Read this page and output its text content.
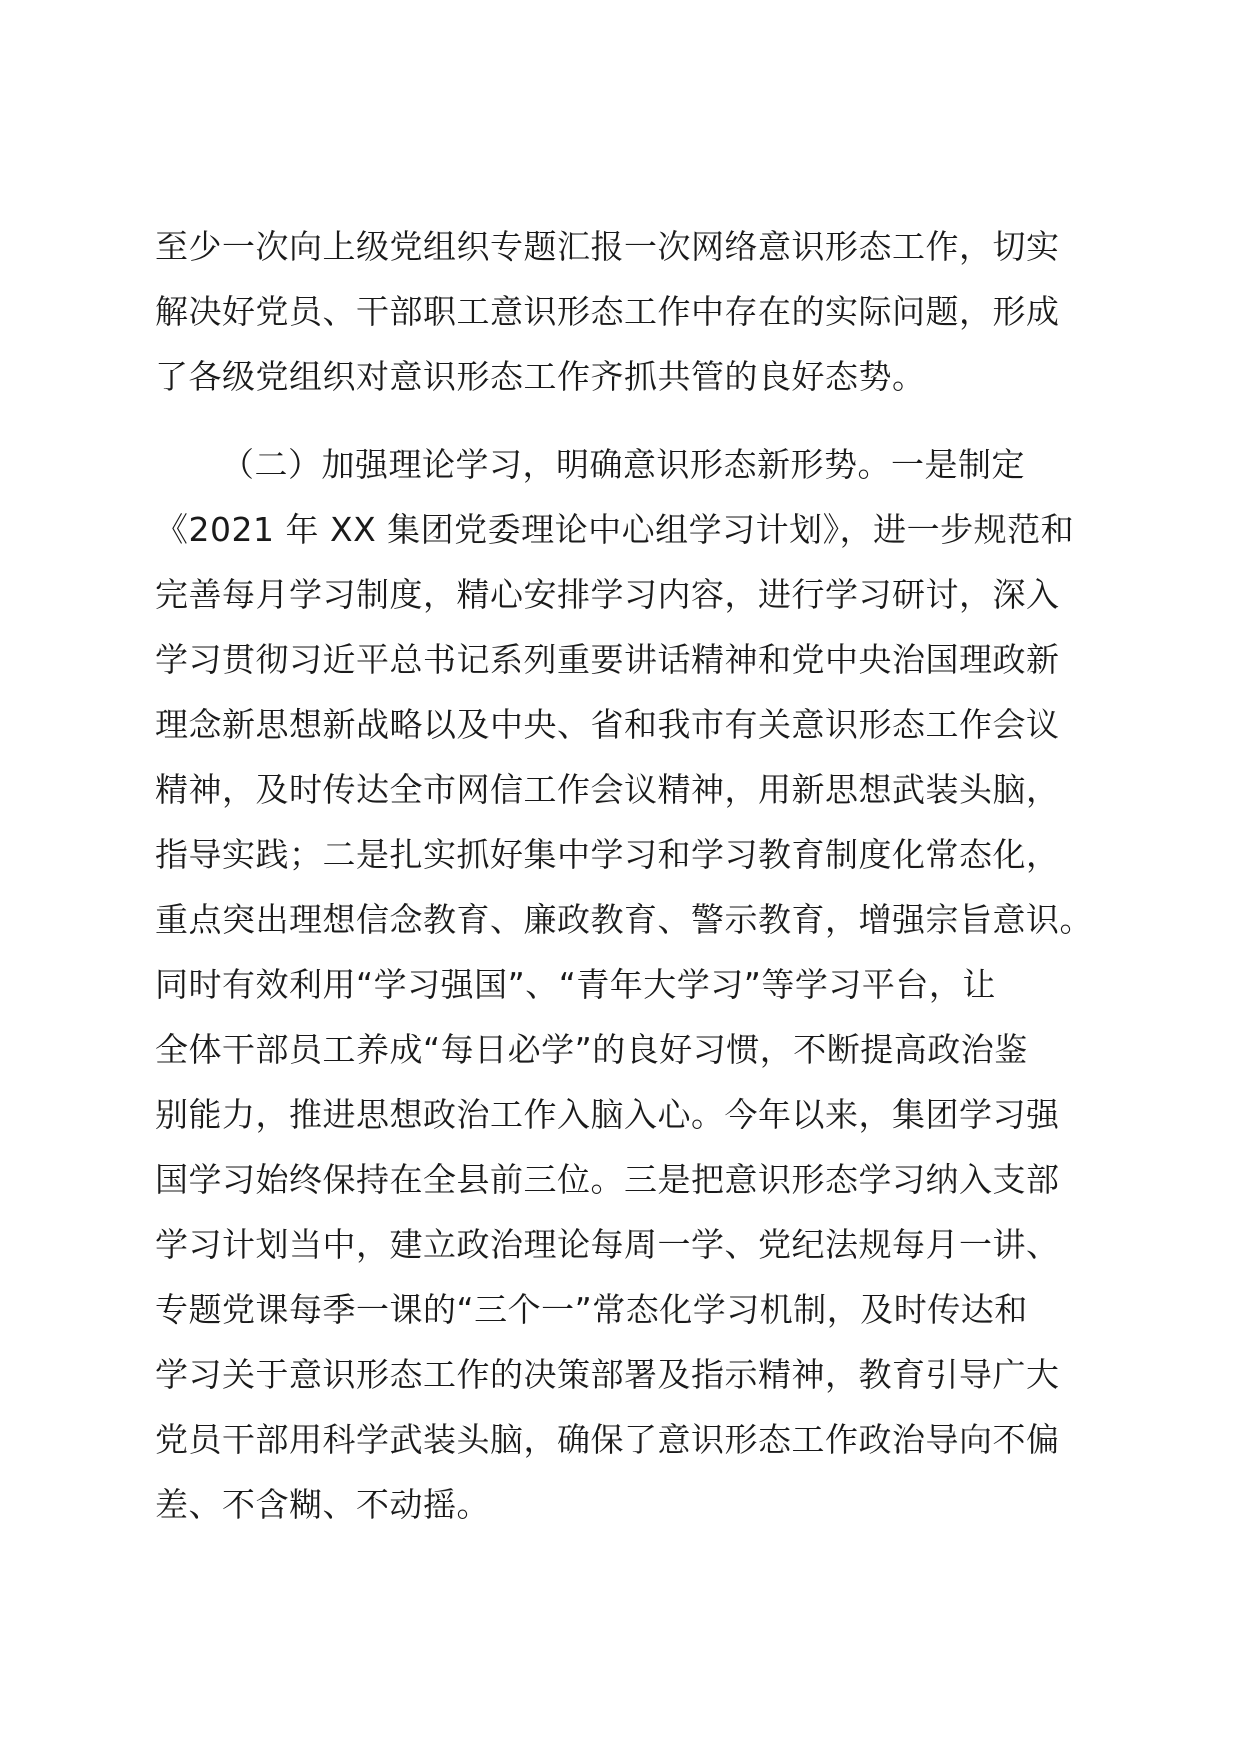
至少一次向上级党组织专题汇报一次网络意识形态工作，切实
解决好党员、干部职工意识形态工作中存在的实际问题，形成
了各级党组织对意识形态工作齐抓共管的良好态势。
（二）加强理论学习，明确意识形态新形势。一是制定
《2021 年 XX 集团党委理论中心组学习计划》，进一步规范和
完善每月学习制度，精心安排学习内容，进行学习研讨，深入
学习贯彻习近平总书记系列重要讲话精神和党中央治国理政新
理念新思想新战略以及中央、省和我市有关意识形态工作会议
精神，及时传达全市网信工作会议精神，用新思想武装头脑，
指导实践；二是扎实抓好集中学习和学习教育制度化常态化，
重点突出理想信念教育、廉政教育、警示教育，增强宗旨意识。
同时有效利用“学习强国”、“青年大学习”等学习平台，让
全体干部员工养成“每日必学”的良好习惯，不断提高政治鉴
别能力，推进思想政治工作入脑入心。今年以来，集团学习强
国学习始终保持在全县前三位。三是把意识形态学习纳入支部
学习计划当中，建立政治理论每周一学、党纪法规每月一讲、
专题党课每季一课的“三个一”常态化学习机制，及时传达和
学习关于意识形态工作的决策部署及指示精神，教育引导广大
党员干部用科学武装头脑，确保了意识形态工作政治导向不偏
差、不含糊、不动摇。
